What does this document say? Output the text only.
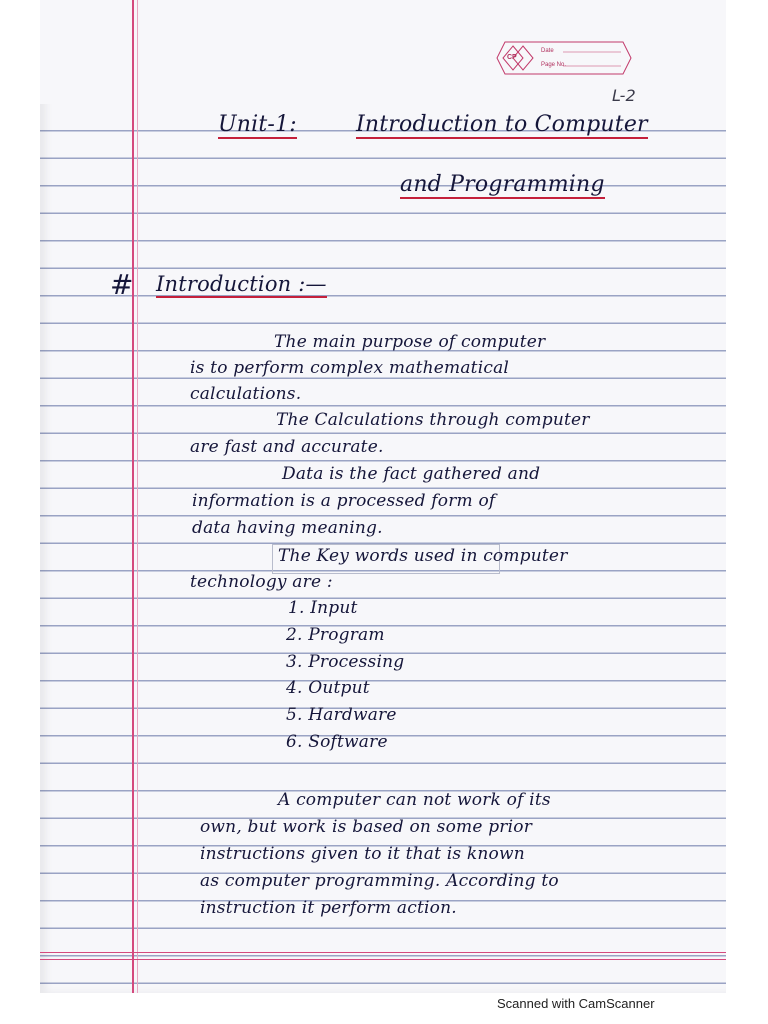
CP
Date
Page No.
L-2
Unit-1:	Introduction to Computer
and Programming
# Introduction :—
The main purpose of computer
is to perform complex mathematical
calculations.
The Calculations through computer
are fast and accurate.
Data is the fact gathered and
information is a processed form of
data having meaning.
The Key words used in computer
technology are :
1. Input
2. Program
3. Processing
4. Output
5. Hardware
6. Software
A computer can not work of its
own, but work is based on some prior
instructions given to it that is known
as computer programming. According to
instruction it perform action.
Scanned with CamScanner
